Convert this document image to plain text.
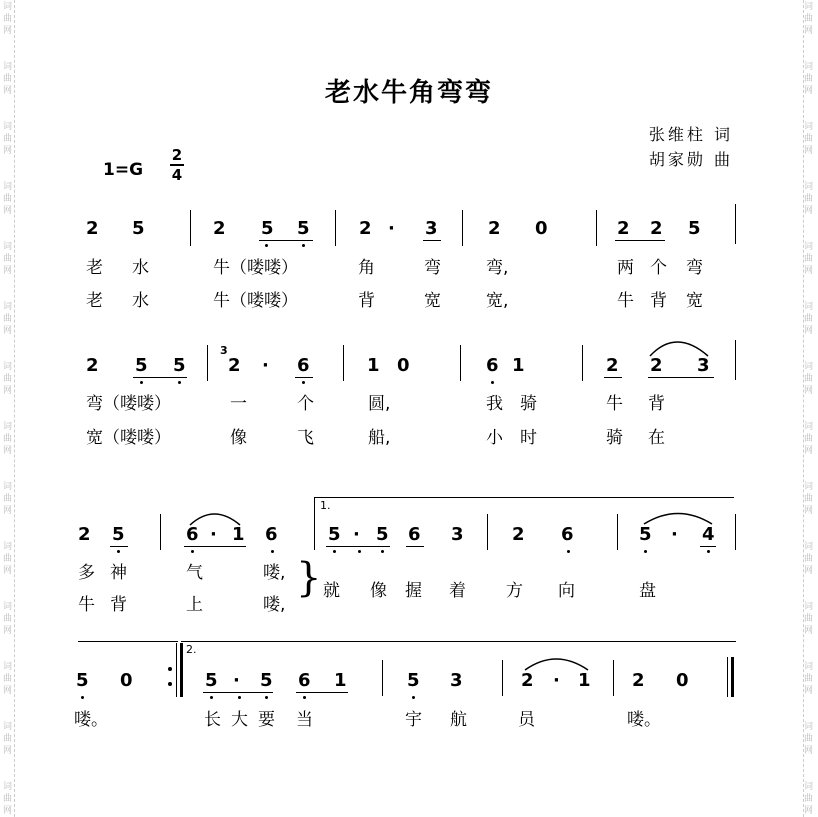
词
曲
网
词
曲
网
词
曲
网
词
曲
网
词
曲
网
词
曲
网
词
曲
网
词
曲
网
词
曲
网
词
曲
网
词
曲
网
词
曲
网
词
曲
网
词
曲
网
词
曲
网
词
曲
网
词
曲
网
词
曲
网
词
曲
网
词
曲
网
词
曲
网
词
曲
网
词
曲
网
词
曲
网
词
曲
网
词
曲
网
词
曲
网
词
曲
网
老水牛角弯弯
张维柱 词
胡家勋 曲
1=G
2
4
2 5	2 5 5	2 · 3	2 0	2 2 5
老 水	牛（喽喽）	角	弯	弯,	两 个 弯
老 水	牛（喽喽）	背	宽	宽,	牛 背 宽
2 5 5
3
2 · 6	1 0	6 1	2 2 3
弯（喽喽）	一	个	圆,	我 骑	牛 背
宽（喽喽）	像	飞	船,	小 时	骑 在
1.
2 5	6 · 1 6	5 · 5 6 3	2 6	5 · 4
多 神	气	喽,
牛 背	上	喽,
} 就 像 握 着 方 向	盘
2.
5 0	5 · 5 6 1	5 3	2 · 1 2 0
喽。	长 大 要 当	宇 航	员	喽。
